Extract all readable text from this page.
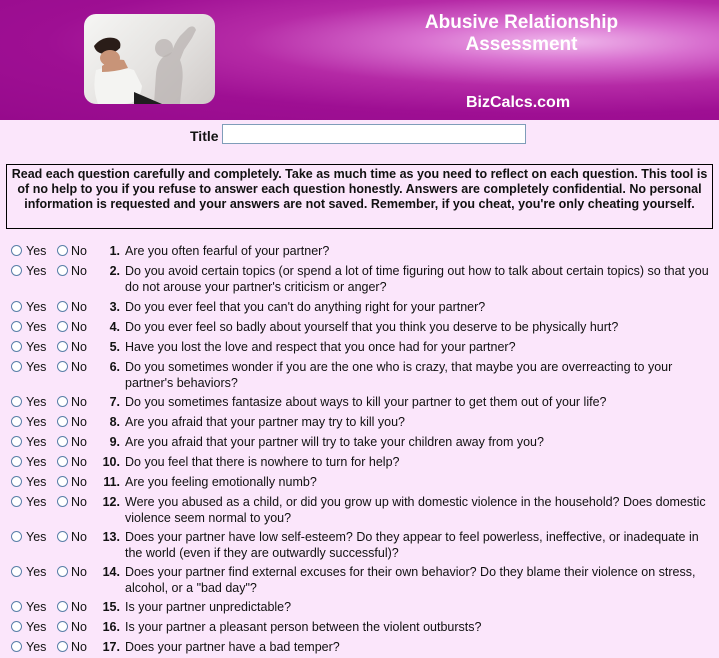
Abusive Relationship
Assessment
BizCalcs.com
Title
Read each question carefully and completely. Take as much time as you need to reflect on each question. This tool is of no help to you if you refuse to answer each question honestly. Answers are completely confidential. No personal information is requested and your answers are not saved. Remember, if you cheat, you're only cheating yourself.
Yes No	1. Are you often fearful of your partner?
Yes No	2. Do you avoid certain topics (or spend a lot of time figuring out how to talk about certain topics) so that you do not arouse your partner's criticism or anger?
Yes No	3. Do you ever feel that you can't do anything right for your partner?
Yes No	4. Do you ever feel so badly about yourself that you think you deserve to be physically hurt?
Yes No	5. Have you lost the love and respect that you once had for your partner?
Yes No	6. Do you sometimes wonder if you are the one who is crazy, that maybe you are overreacting to your partner's behaviors?
Yes No	7. Do you sometimes fantasize about ways to kill your partner to get them out of your life?
Yes No	8. Are you afraid that your partner may try to kill you?
Yes No	9. Are you afraid that your partner will try to take your children away from you?
Yes No	10. Do you feel that there is nowhere to turn for help?
Yes No	11. Are you feeling emotionally numb?
Yes No	12. Were you abused as a child, or did you grow up with domestic violence in the household? Does domestic violence seem normal to you?
Yes No	13. Does your partner have low self-esteem? Do they appear to feel powerless, ineffective, or inadequate in the world (even if they are outwardly successful)?
Yes No	14. Does your partner find external excuses for their own behavior? Do they blame their violence on stress, alcohol, or a "bad day"?
Yes No	15. Is your partner unpredictable?
Yes No	16. Is your partner a pleasant person between the violent outbursts?
Yes No	17. Does your partner have a bad temper?
